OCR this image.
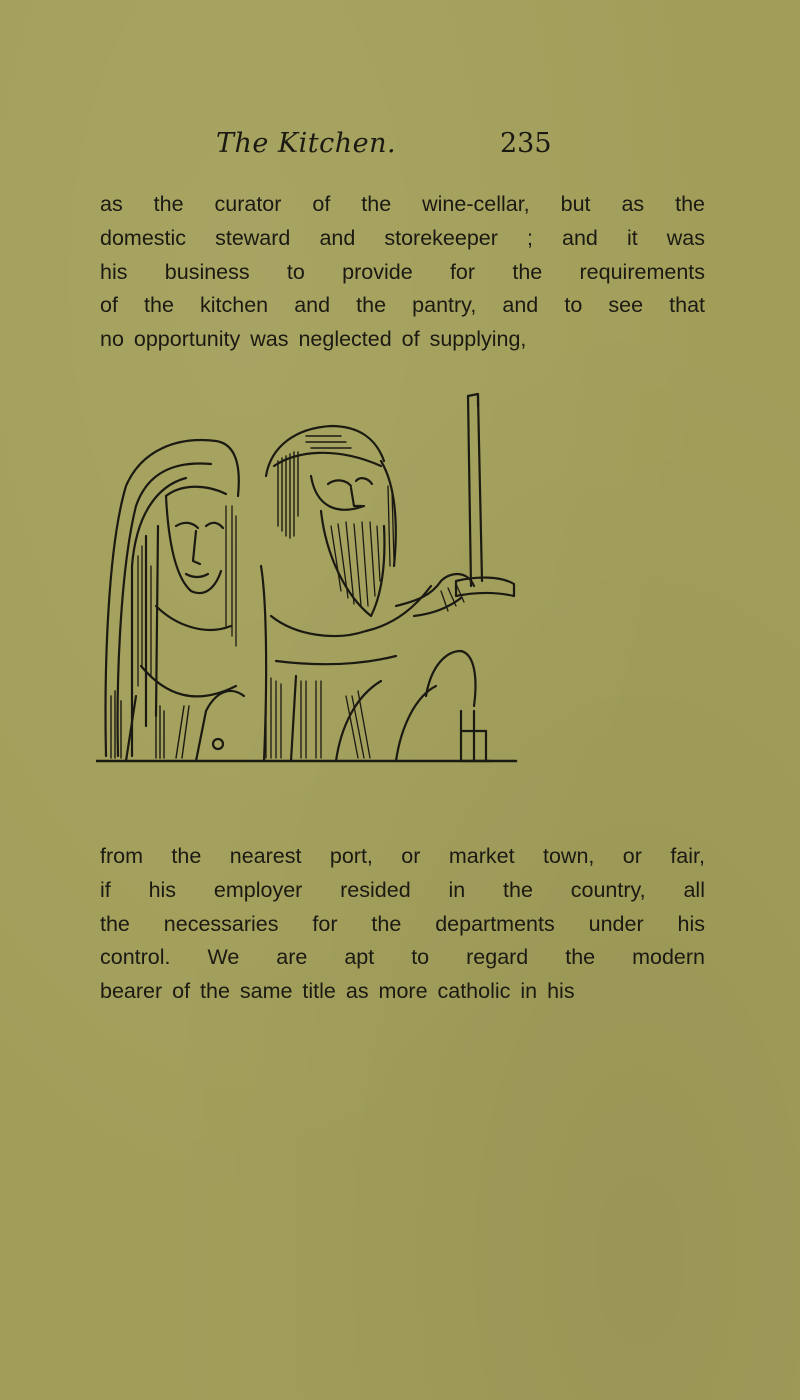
The Kitchen.	235
as the curator of the wine-cellar, but as the
domestic steward and storekeeper ; and it was
his business to provide for the requirements
of the kitchen and the pantry, and to see that
no opportunity was neglected of supplying,
from the nearest port, or market town, or fair,
if his employer resided in the country, all
the necessaries for the departments under his
control. We are apt to regard the modern
bearer of the same title as more catholic in his
